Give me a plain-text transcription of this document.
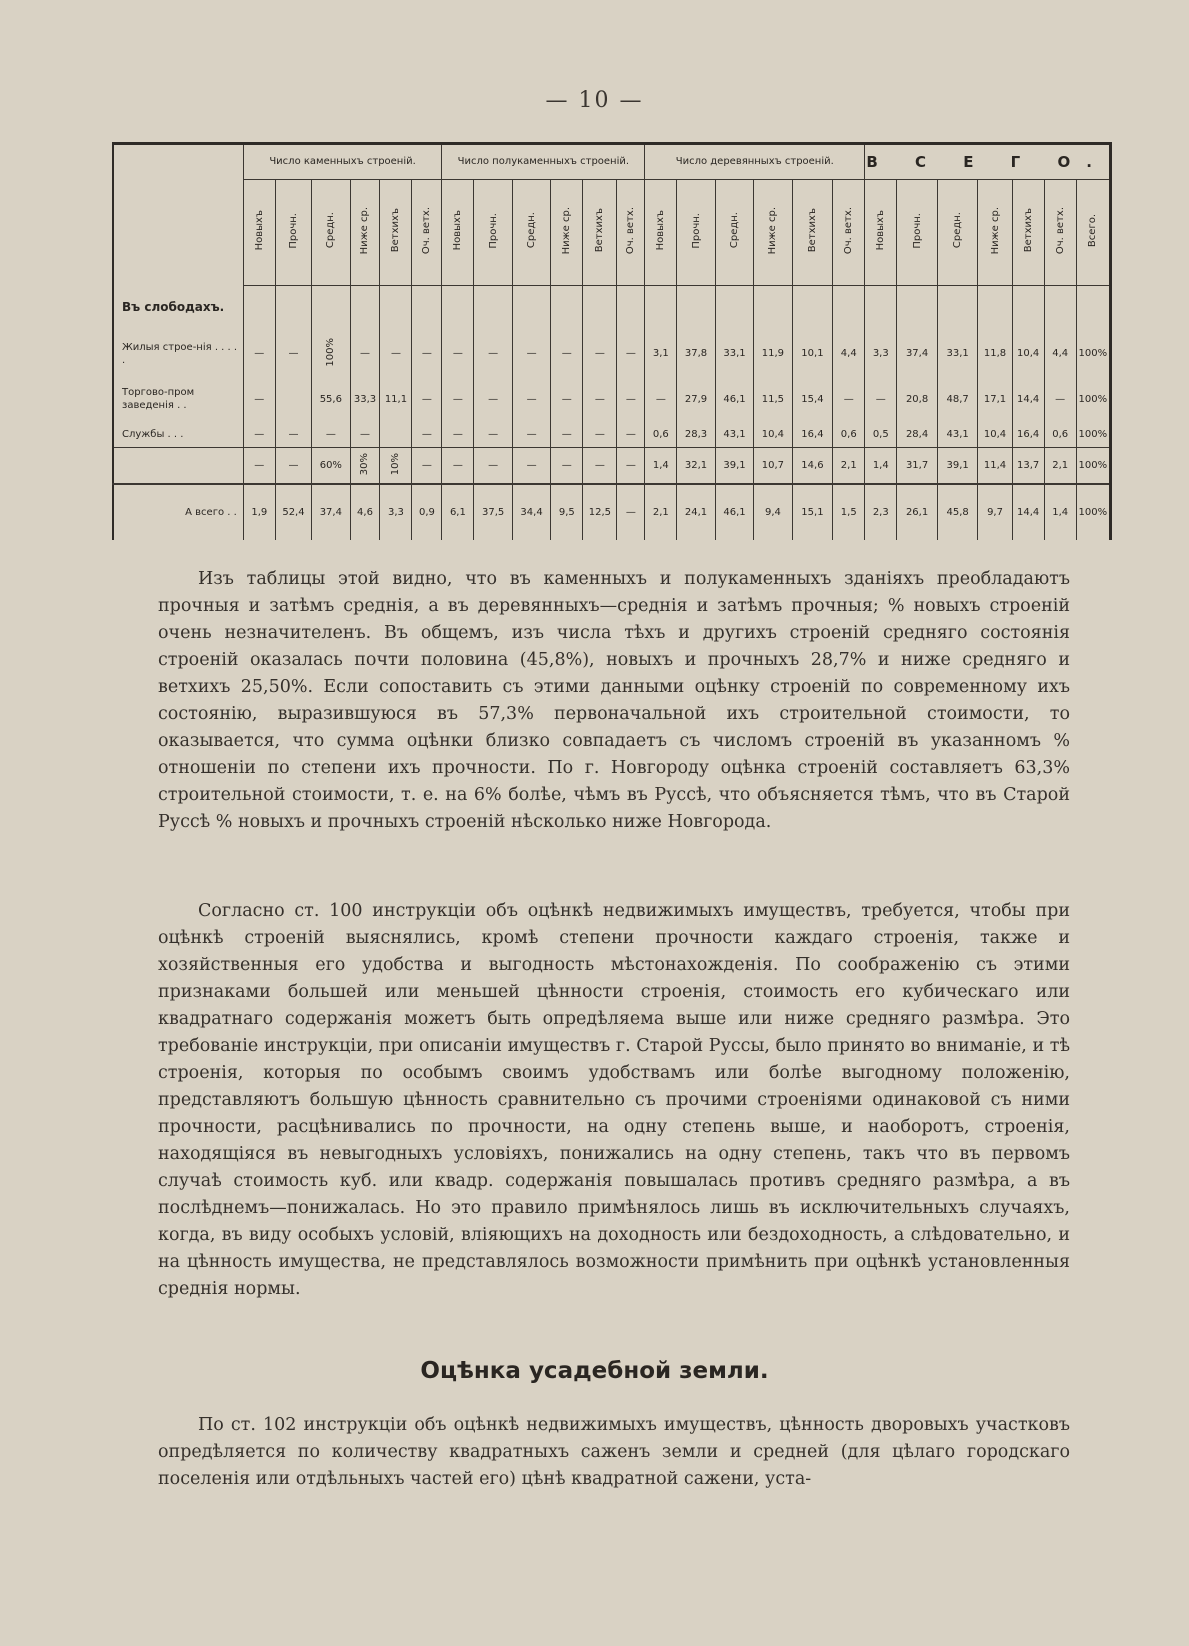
— 10 —
	Число каменныхъ строеній.						Число полукаменныхъ строеній.						Число деревянныхъ строеній.						В С Е Г О.						
	Новыхъ	Прочн.	Средн.	Ниже ср.	Ветхихъ	Оч. ветх.	Новыхъ	Прочн.	Средн.	Ниже ср.	Ветхихъ	Оч. ветх.	Новыхъ	Прочн.	Средн.	Ниже ср.	Ветхихъ	Оч. ветх.	Новыхъ	Прочн.	Средн.	Ниже ср.	Ветхихъ	Оч. ветх.	Всего.
Въ слободахъ.																									
Жилыя строе-нія . . . . .	—	—	100%	—	—	—	—	—	—	—	—	—	3,1	37,8	33,1	11,9	10,1	4,4	3,3	37,4	33,1	11,8	10,4	4,4	100%
Торгово-пром заведенія . .	—		55,6	33,3	11,1	—	—	—	—	—	—	—	—	27,9	46,1	11,5	15,4	—	—	20,8	48,7	17,1	14,4	—	100%
Службы . . .	—	—	—	—		—	—	—	—	—	—	—	0,6	28,3	43,1	10,4	16,4	0,6	0,5	28,4	43,1	10,4	16,4	0,6	100%
	—	—	60%	30%	10%	—	—	—	—	—	—	—	1,4	32,1	39,1	10,7	14,6	2,1	1,4	31,7	39,1	11,4	13,7	2,1	100%
А всего . .	1,9	52,4	37,4	4,6	3,3	0,9	6,1	37,5	34,4	9,5	12,5	—	2,1	24,1	46,1	9,4	15,1	1,5	2,3	26,1	45,8	9,7	14,4	1,4	100%
Изъ таблицы этой видно, что въ каменныхъ и полукаменныхъ зданіяхъ преобладаютъ прочныя и затѣмъ среднія, а въ деревянныхъ—среднія и затѣмъ прочныя; % новыхъ строеній очень незначителенъ. Въ общемъ, изъ числа тѣхъ и другихъ строеній средняго состоянія строеній оказалась почти половина (45,8%), новыхъ и прочныхъ 28,7% и ниже средняго и ветхихъ 25,50%. Если сопоставить съ этими данными оцѣнку строеній по современному ихъ состоянію, выразившуюся въ 57,3% первоначальной ихъ строительной стоимости, то оказывается, что сумма оцѣнки близко совпадаетъ съ числомъ строеній въ указанномъ % отношеніи по степени ихъ прочности. По г. Новгороду оцѣнка строеній составляетъ 63,3% строительной стоимости, т. е. на 6% болѣе, чѣмъ въ Руссѣ, что объясняется тѣмъ, что въ Старой Руссѣ % новыхъ и прочныхъ строеній нѣсколько ниже Новгорода.
Согласно ст. 100 инструкціи объ оцѣнкѣ недвижимыхъ имуществъ, требуется, чтобы при оцѣнкѣ строеній выяснялись, кромѣ степени прочности каждаго строенія, также и хозяйственныя его удобства и выгодность мѣстонахожденія. По соображенію съ этими признаками большей или меньшей цѣнности строенія, стоимость его кубическаго или квадратнаго содержанія можетъ быть опредѣляема выше или ниже средняго размѣра. Это требованіе инструкціи, при описаніи имуществъ г. Старой Руссы, было принято во вниманіе, и тѣ строенія, которыя по особымъ своимъ удобствамъ или болѣе выгодному положенію, представляютъ большую цѣнность сравнительно съ прочими строеніями одинаковой съ ними прочности, расцѣнивались по прочности, на одну степень выше, и наоборотъ, строенія, находящіяся въ невыгодныхъ условіяхъ, понижались на одну степень, такъ что въ первомъ случаѣ стоимость куб. или квадр. содержанія повышалась противъ средняго размѣра, а въ послѣднемъ—понижалась. Но это правило примѣнялось лишь въ исключительныхъ случаяхъ, когда, въ виду особыхъ условій, вліяющихъ на доходность или бездоходность, а слѣдовательно, и на цѣнность имущества, не представлялось возможности примѣнить при оцѣнкѣ установленныя среднія нормы.
Оцѣнка усадебной земли.
По ст. 102 инструкціи объ оцѣнкѣ недвижимыхъ имуществъ, цѣнность дворовыхъ участковъ опредѣляется по количеству квадратныхъ саженъ земли и средней (для цѣлаго городскаго поселенія или отдѣльныхъ частей его) цѣнѣ квадратной сажени, уста-
